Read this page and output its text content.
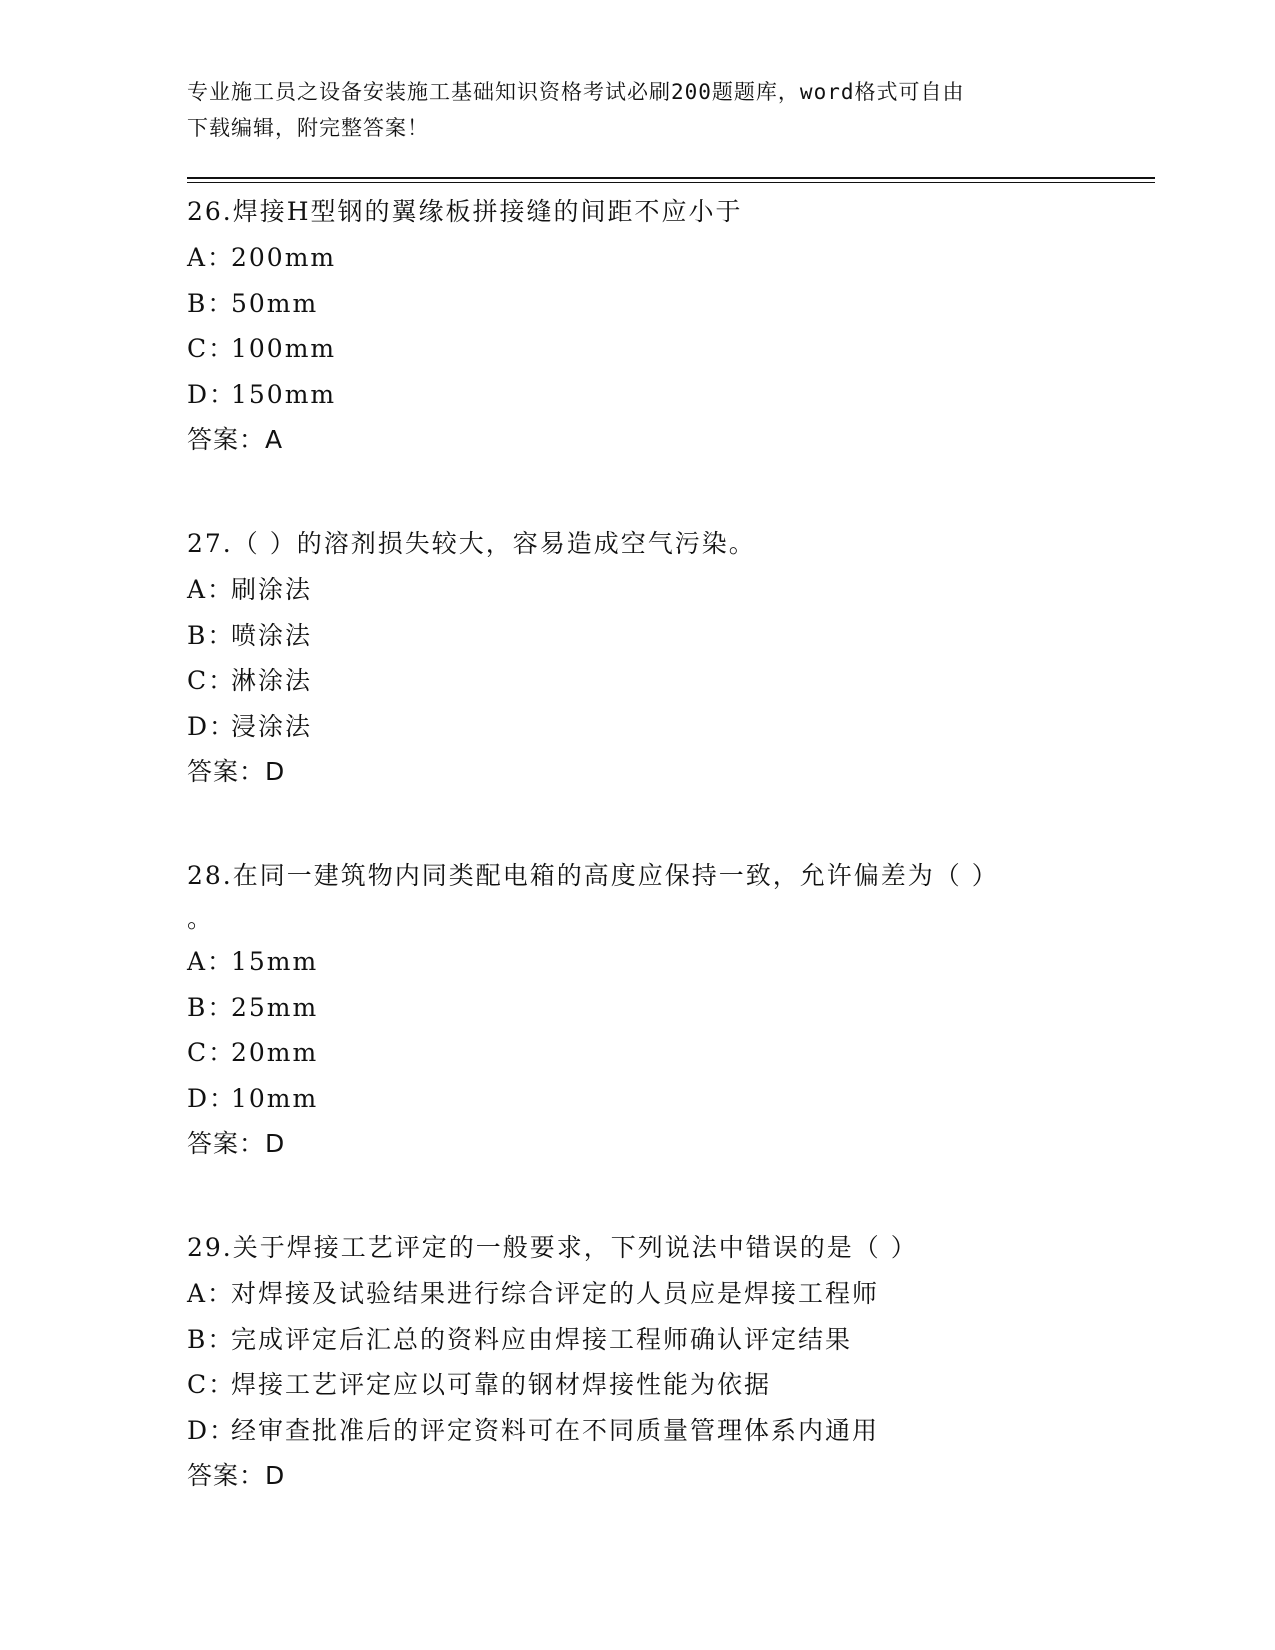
专业施工员之设备安装施工基础知识资格考试必刷200题题库，word格式可自由
下载编辑，附完整答案！

26.焊接H型钢的翼缘板拼接缝的间距不应小于

A：200mm

B：50mm

C：100mm

D：150mm

答案：A

27.（ ）的溶剂损失较大，容易造成空气污染。

A：刷涂法

B：喷涂法

C：淋涂法

D：浸涂法

答案：D

28.在同一建筑物内同类配电箱的高度应保持一致，允许偏差为（ ）

。

A：15mm

B：25mm

C：20mm

D：10mm

答案：D

29.关于焊接工艺评定的一般要求，下列说法中错误的是（ ）

A：对焊接及试验结果进行综合评定的人员应是焊接工程师

B：完成评定后汇总的资料应由焊接工程师确认评定结果

C：焊接工艺评定应以可靠的钢材焊接性能为依据

D：经审查批准后的评定资料可在不同质量管理体系内通用

答案：D
